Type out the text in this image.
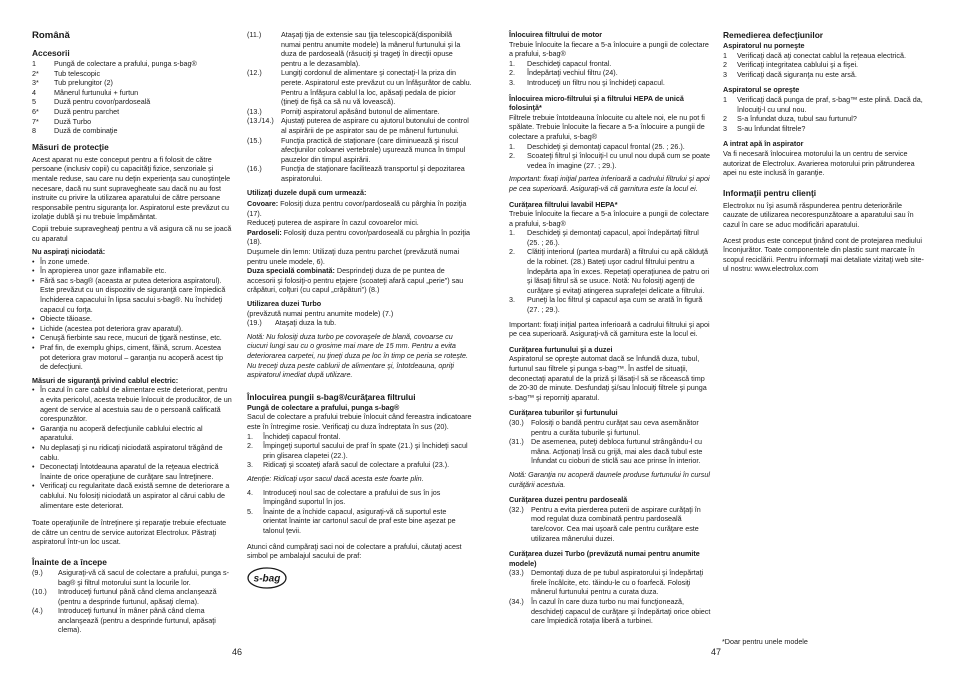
Română
Accesorii
1	Pungă de colectare a prafului, punga s-bag®
2*	Tub telescopic
3*	Tub prelungitor (2)
4	Mânerul furtunului + furtun
5	Duză pentru covor/pardoseală
6*	Duză pentru parchet
7*	Duză Turbo
8	Duză de combinaţie
Măsuri de protecţie
Acest aparat nu este conceput pentru a fi folosit de către persoane (inclusiv copii) cu capacităţi fizice, senzoriale şi mentale reduse, sau care nu deţin experienţa sau cunoştinţele necesare, dacă nu sunt supravegheate sau dacă nu au fost instruite cu privire la utilizarea aparatului de către persoane responsabile pentru siguranţa lor. Aspiratorul este prevăzut cu izolaţie dublă şi nu trebuie împământat.
Copii trebuie supravegheaţi pentru a vă asigura că nu se joacă cu aparatul
Nu aspiraţi niciodată:
• În zone umede.
• În apropierea unor gaze inflamabile etc.
• Fără sac s-bag® (aceasta ar putea deteriora aspiratorul). Este prevăzut cu un dispozitiv de siguranţă care împiedică închiderea capacului în lipsa sacului s-bag®. Nu închideţi capacul cu forţa.
• Obiecte tăioase.
• Lichide (acestea pot deteriora grav aparatul).
• Cenuşă fierbinte sau rece, mucuri de ţigară nestinse, etc.
• Praf fin, de exemplu ghips, ciment, făină, scrum. Acestea pot deteriora grav motorul – garanţia nu acoperă acest tip de defecţiuni.
Măsuri de siguranţă privind cablul electric:
• În cazul în care cablul de alimentare este deteriorat, pentru a evita pericolul, acesta trebuie înlocuit de producător, de un agent de service al acestuia sau de o persoană calificată corespunzător.
• Garanţia nu acoperă defecţiunile cablului electric al aparatului.
• Nu deplasaţi şi nu ridicaţi niciodată aspiratorul trăgând de cablu.
• Deconectaţi întotdeauna aparatul de la reţeaua electrică înainte de orice operaţiune de curăţare sau întreţinere.
• Verificaţi cu regularitate dacă există semne de deteriorare a cablului. Nu folosiţi niciodată un aspirator al cărui cablu de alimentare este deteriorat.
Toate operaţiunile de întreţinere şi reparaţie trebuie efectuate de către un centru de service autorizat Electrolux. Păstraţi aspiratorul într-un loc uscat.
Înainte de a începe
(9.)	Asiguraţi-vă că sacul de colectare a prafului, punga s-bag® şi filtrul motorului sunt la locurile lor.
(10.)	Introduceţi furtunul până când clema anclanşează (pentru a desprinde furtunul, apăsaţi clema).
(4.)	Introduceţi furtunul în mâner până când clema anclanşează (pentru a desprinde furtunul, apăsaţi clema).
(11.)	Ataşaţi ţija de extensie sau ţija telescopică(disponibilă numai pentru anumite modele) la mânerul furtunului şi la duza de pardoseală (răsuciţi şi trageţi în direcţii opuse pentru a le dezasambla).
(12.)	Lungiţi cordonul de alimentare şi conectaţi-l la priza din perete. Aspiratorul este prevăzut cu un înfăşurător de cablu. Pentru a înfăşura cablul la loc, apăsaţi pedala de picior (ţineţi de fişă ca să nu vă lovească).
(13.)	Porniţi aspiratorul apăsând butonul de alimentare.
(13./14.)	Ajustaţi puterea de aspirare cu ajutorul butonului de control al aspirării de pe aspirator sau de pe mânerul furtunului.
(15.)	Funcţia practică de staţionare (care diminuează şi riscul afecţiunilor coloanei vertebrale) uşurează munca în timpul pauzelor din timpul aspirării.
(16.)	Funcţia de staţionare facilitează transportul şi depozitarea aspiratorului.
Utilizaţi duzele după cum urmează:
Covoare: Folosiţi duza pentru covor/pardoseală cu pârghia în poziţia (17).
Reduceţi puterea de aspirare în cazul covoarelor mici.
Pardoseli: Folosiţi duza pentru covor/pardoseală cu pârghia în poziţia (18).
Duşumele din lemn: Utilizaţi duza pentru parchet (prevăzută numai pentru unele modele, 6).
Duza specială combinată: Desprindeţi duza de pe puntea de accesorii şi folosiţi-o pentru eţajere (scoateţi afară capul „perie") sau crăpături, colţuri (cu capul „crăpături") (8.)
Utilizarea duzei Turbo
(prevăzută numai pentru anumite modele) (7.)
(19.)	Ataşaţi duza la tub.
Notă: Nu folosiţi duza turbo pe covoraşele de blană, covoarse cu ciucuri lungi sau cu o grosime mai mare de 15 mm. Pentru a evita deteriorarea carpetei, nu ţineţi duza pe loc în timp ce peria se roteşte. Nu treceţi duza peste cablurii de alimentare şi, întotdeauna, opriţi aspiratorul imediat după utilizare.
Înlocuirea pungii s-bag®/curăţarea filtrului
Pungă de colectare a prafului, punga s-bag®
Sacul de colectare a prafului trebuie înlocuit când fereastra indicatoare este în întregime rosie. Verificaţi cu duza îndreptata în sus (20).
1.	Închideţi capacul frontal.
2.	Împingeţi suportul sacului de praf în spate (21.) şi închideţi sacul prin glisarea clapetei (22.).
3.	Ridicaţi şi scoateţi afară sacul de colectare a prafului (23.).
Atenţie: Ridicaţi uşor sacul dacă acesta este foarte plin.
4.	Introduceţi noul sac de colectare a prafului de sus în jos împingând suportul în jos.
5.	Înainte de a închide capacul, asiguraţi-vă că suportul este orientat înainte iar cartonul sacul de praf este bine aşezat pe talonul ţevii.
Atunci când cumpăraţi saci noi de colectare a prafului, căutaţi acest simbol pe ambalajul sacului de praf:
s-bag
Înlocuirea filtrului de motor
Trebuie înlocuite la fiecare a 5-a înlocuire a pungii de colectare a prafului, s-bag®
1.	Deschideţi capacul frontal.
2.	Îndepărtaţi vechiul filtru (24).
3.	Introduceţi un filtru nou şi închideţi capacul.
Înlocuirea micro-filtrului şi a filtrului HEPA de unică folosinţă*
Filtrele trebuie întotdeauna înlocuite cu altele noi, ele nu pot fi spălate. Trebuie înlocuite la fiecare a 5-a înlocuire a pungii de colectare a prafului, s-bag®
1.	Deschideţi şi demontaţi capacul frontal (25. ; 26.).
2.	Scoateţi filtrul şi înlocuiţi-l cu unul nou după cum se poate vedea în imagine (27. ; 29.).
Important: fixaţi iniţial partea inferioară a cadrului filtrului şi apoi pe cea superioară. Asiguraţi-vă că garnitura este la locul ei.
Curăţarea filtrului lavabil HEPA*
Trebuie înlocuite la fiecare a 5-a înlocuire a pungii de colectare a prafului, s-bag®
1.	Deschideţi şi demontaţi capacul, apoi îndepărtaţi filtrul (25. ; 26.).
2.	Clătiţi interiorul (partea murdară) a filtrului cu apă călduţă de la robinet. (28.) Bateţi uşor cadrul filtrului pentru a îndepărta apa în exces. Repetaţi operaţiunea de patru ori şi lăsaţi filtrul să se usuce. Notă: Nu folosiţi agenţi de curăţare şi evitaţi atingerea suprafeţei delicate a filtrului.
3.	Puneţi la loc filtrul şi capacul aşa cum se arată în figură (27. ; 29.).
Important: fixaţi iniţial partea inferioară a cadrului filtrului şi apoi pe cea superioară. Asiguraţi-vă că garnitura este la locul ei.
Curăţarea furtunului şi a duzei
Aspiratorul se opreşte automat dacă se înfundă duza, tubul, furtunul sau filtrele şi punga s-bag™. În astfel de situaţii, deconectaţi aparatul de la priză şi lăsaţi-l să se răcească timp de 20-30 de minute. Desfundaţi şi/sau înlocuiţi filtrele şi punga s-bag™ şi reporniţi aparatul.
Curăţarea tuburilor şi furtunului
(30.)	Folosiţi o bandă pentru curăţat sau ceva asemănător pentru a curăta tuburile şi furtunul.
(31.)	De asemenea, puteţi debloca furtunul strângându-l cu mâna. Acţionaţi însă cu grijă, mai ales dacă tubul este înfundat cu cioburi de sticlă sau ace prinse în interior.
Notă: Garanţia nu acoperă daunele produse furtunului în cursul curăţării acestuia.
Curăţarea duzei pentru pardoseală
(32.)	Pentru a evita pierderea puterii de aspirare curăţaţi în mod regulat duza combinată pentru pardoseală tare/covor. Cea mai uşoară cale pentru curăţare este utilizarea mânerului duzei.
Curăţarea duzei Turbo (prevăzută numai pentru anumite modele)
(33.)	Demontaţi duza de pe tubul aspiratorului şi îndepărtaţi firele încâlcite, etc. tăindu-le cu o foarfecă. Folosiţi mânerul furtunului pentru a curata duza.
(34.)	În cazul în care duza turbo nu mai funcţionează, deschideţi capacul de curăţare şi îndepărtaţi orice obiect care împiedică rotaţia liberă a turbinei.
Remedierea defecţiunilor
Aspiratorul nu porneşte
1	Verificaţi dacă aţi conectat cablul la reţeaua electrică.
2	Verificaţi integritatea cablului şi a fişei.
3	Verificaţi dacă siguranţa nu este arsă.
Aspiratorul se opreşte
1	Verificaţi dacă punga de praf, s-bag™ este plină. Dacă da, înlocuiţi-l cu unul nou.
2	S-a înfundat duza, tubul sau furtunul?
3	S-au înfundat filtrele?
A intrat apă în aspirator
Va fi necesară înlocuirea motorului la un centru de service autorizat de Electrolux. Avarierea motorului prin pătrunderea apei nu este inclusă în garanţie.
Informaţii pentru clienţi
Electrolux nu îşi asumă răspunderea pentru deteriorările cauzate de utilizarea necorespunzătoare a aparatului sau în cazul în care se aduc modificări aparatului.
Acest produs este conceput ţinând cont de protejarea mediului înconjurător. Toate componentele din plastic sunt marcate în scopul reciclării. Pentru informaţii mai detaliate vizitaţi web site-ul nostru: www.electrolux.com
*Doar pentru unele modele
46	47
